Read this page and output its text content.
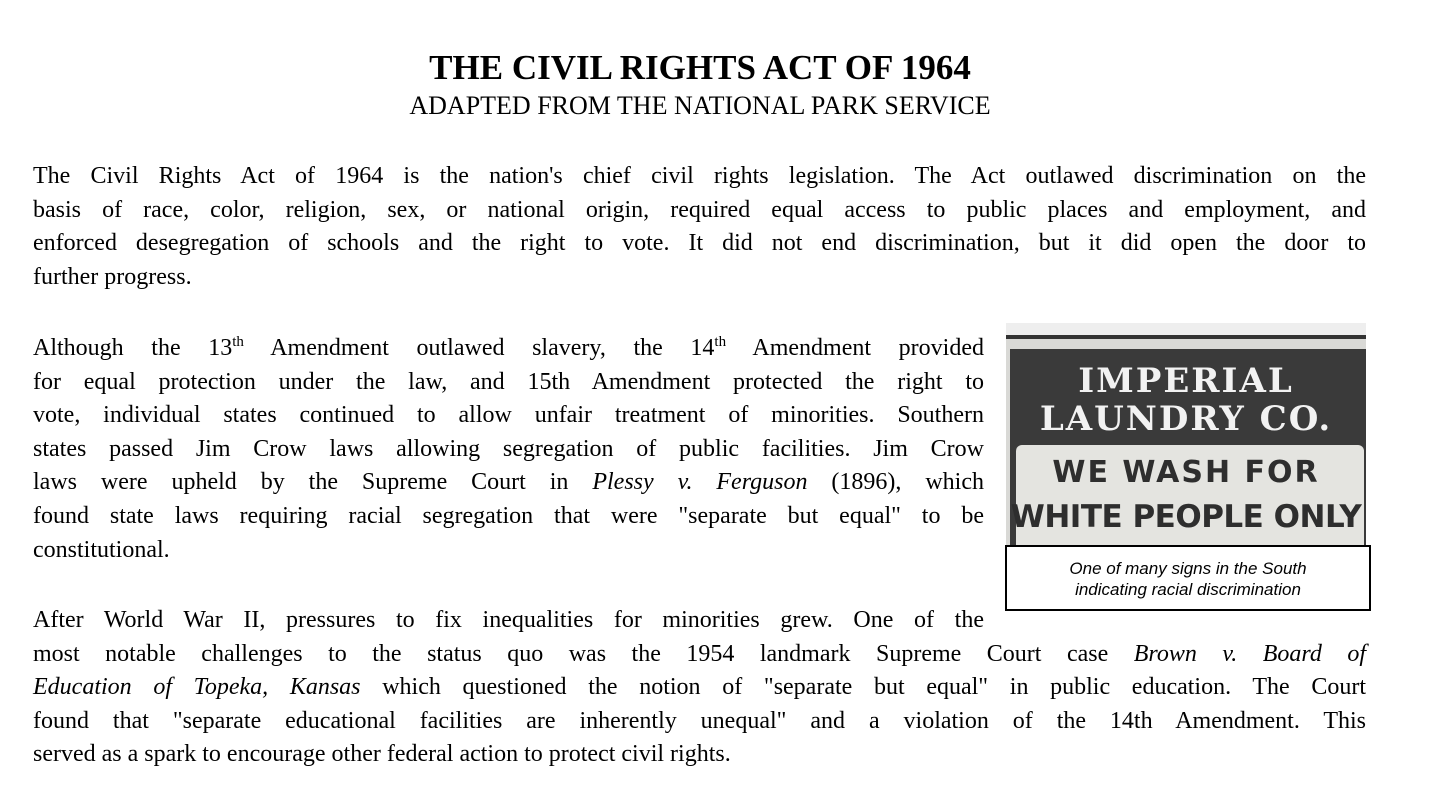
THE CIVIL RIGHTS ACT OF 1964
ADAPTED FROM THE NATIONAL PARK SERVICE
The Civil Rights Act of 1964 is the nation's chief civil rights legislation. The Act outlawed discrimination on the
basis of race, color, religion, sex, or national origin, required equal access to public places and employment, and
enforced desegregation of schools and the right to vote. It did not end discrimination, but it did open the door to
further progress.
Although the 13th Amendment outlawed slavery, the 14th Amendment provided
for equal protection under the law, and 15th Amendment protected the right to
vote, individual states continued to allow unfair treatment of minorities. Southern
states passed Jim Crow laws allowing segregation of public facilities. Jim Crow
laws were upheld by the Supreme Court in Plessy v. Ferguson (1896), which
found state laws requiring racial segregation that were "separate but equal" to be
constitutional.
After World War II, pressures to fix inequalities for minorities grew. One of the
most notable challenges to the status quo was the 1954 landmark Supreme Court case Brown v. Board of
Education of Topeka, Kansas which questioned the notion of "separate but equal" in public education. The Court
found that "separate educational facilities are inherently unequal" and a violation of the 14th Amendment. This
served as a spark to encourage other federal action to protect civil rights.
IMPERIAL
LAUNDRY CO.
WE WASH FOR
WHITE PEOPLE ONLY
One of many signs in the South
indicating racial discrimination
